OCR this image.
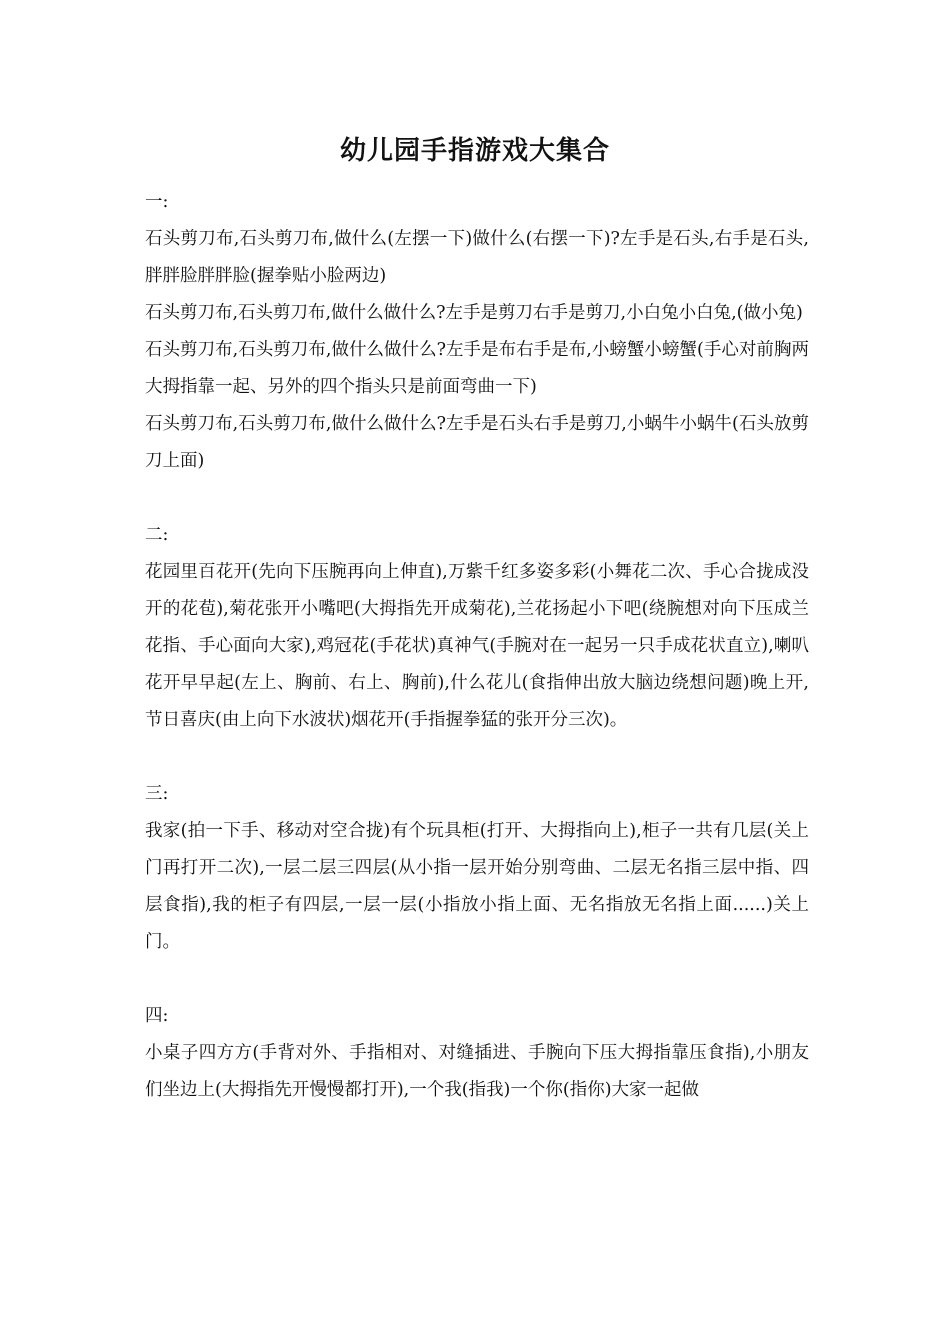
幼儿园手指游戏大集合

一:

石头剪刀布,石头剪刀布,做什么(左摆一下)做什么(右摆一下)?左手是石头,右手是石头,胖胖脸胖胖脸(握拳贴小脸两边)

石头剪刀布,石头剪刀布,做什么做什么?左手是剪刀右手是剪刀,小白兔小白兔,(做小兔)

石头剪刀布,石头剪刀布,做什么做什么?左手是布右手是布,小螃蟹小螃蟹(手心对前胸两大拇指靠一起、另外的四个指头只是前面弯曲一下)

石头剪刀布,石头剪刀布,做什么做什么?左手是石头右手是剪刀,小蜗牛小蜗牛(石头放剪刀上面)

二:

花园里百花开(先向下压腕再向上伸直),万紫千红多姿多彩(小舞花二次、手心合拢成没开的花苞),菊花张开小嘴吧(大拇指先开成菊花),兰花扬起小下吧(绕腕想对向下压成兰花指、手心面向大家),鸡冠花(手花状)真神气(手腕对在一起另一只手成花状直立),喇叭花开早早起(左上、胸前、右上、胸前),什么花儿(食指伸出放大脑边绕想问题)晚上开,节日喜庆(由上向下水波状)烟花开(手指握拳猛的张开分三次)。

三:

我家(拍一下手、移动对空合拢)有个玩具柜(打开、大拇指向上),柜子一共有几层(关上门再打开二次),一层二层三四层(从小指一层开始分别弯曲、二层无名指三层中指、四层食指),我的柜子有四层,一层一层(小指放小指上面、无名指放无名指上面......)关上门。

四:

小桌子四方方(手背对外、手指相对、对缝插进、手腕向下压大拇指靠压食指),小朋友们坐边上(大拇指先开慢慢都打开),一个我(指我)一个你(指你)大家一起做
